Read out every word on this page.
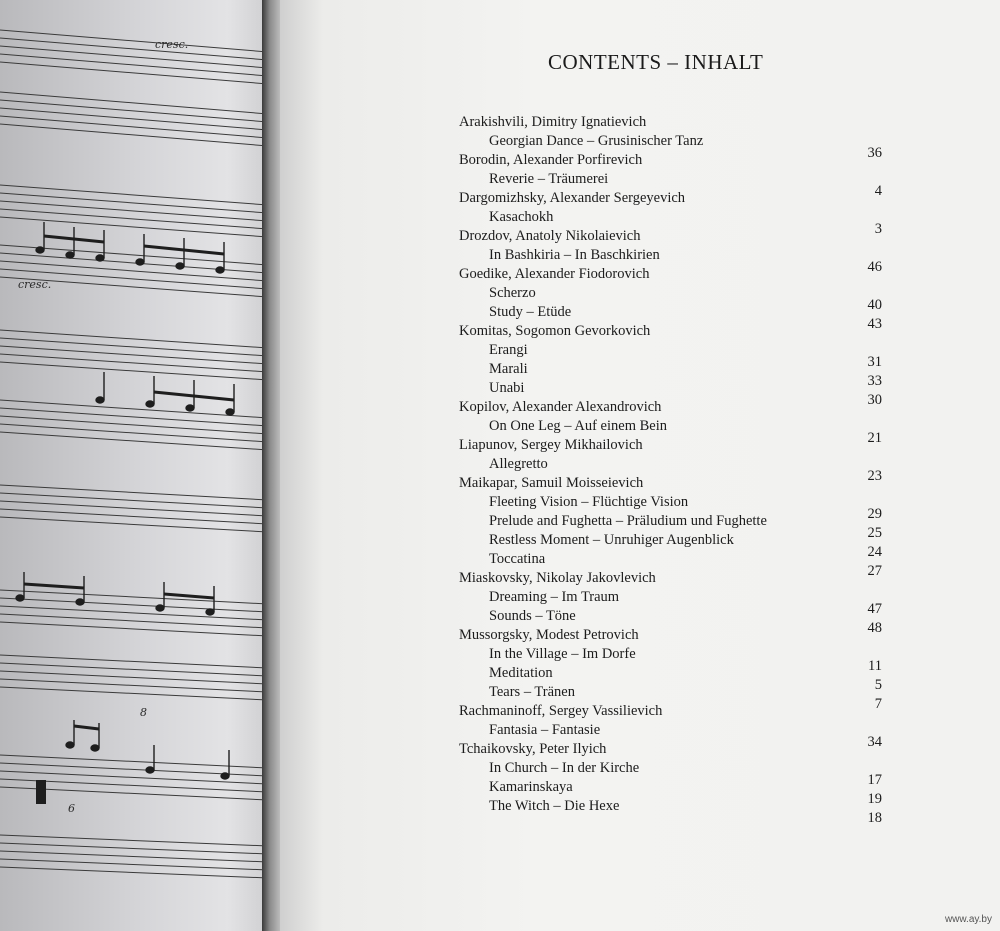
cresc.
cresc.
8
6
CONTENTS – INHALT
Arakishvili, Dimitry Ignatievich
Georgian Dance – Grusinischer Tanz
36
Borodin, Alexander Porfirevich
Reverie – Träumerei
4
Dargomizhsky, Alexander Sergeyevich
Kasachokh
3
Drozdov, Anatoly Nikolaievich
In Bashkiria – In Baschkirien
46
Goedike, Alexander Fiodorovich
Scherzo
40
Study – Etüde
43
Komitas, Sogomon Gevorkovich
Erangi
31
Marali
33
Unabi
30
Kopilov, Alexander Alexandrovich
On One Leg – Auf einem Bein
21
Liapunov, Sergey Mikhailovich
Allegretto
23
Maikapar, Samuil Moisseievich
Fleeting Vision – Flüchtige Vision
29
Prelude and Fughetta – Präludium und Fughette
25
Restless Moment – Unruhiger Augenblick
24
Toccatina
27
Miaskovsky, Nikolay Jakovlevich
Dreaming – Im Traum
47
Sounds – Töne
48
Mussorgsky, Modest Petrovich
In the Village – Im Dorfe
11
Meditation
5
Tears – Tränen
7
Rachmaninoff, Sergey Vassilievich
Fantasia – Fantasie
34
Tchaikovsky, Peter Ilyich
In Church – In der Kirche
17
Kamarinskaya
19
The Witch – Die Hexe
18
www.ay.by
